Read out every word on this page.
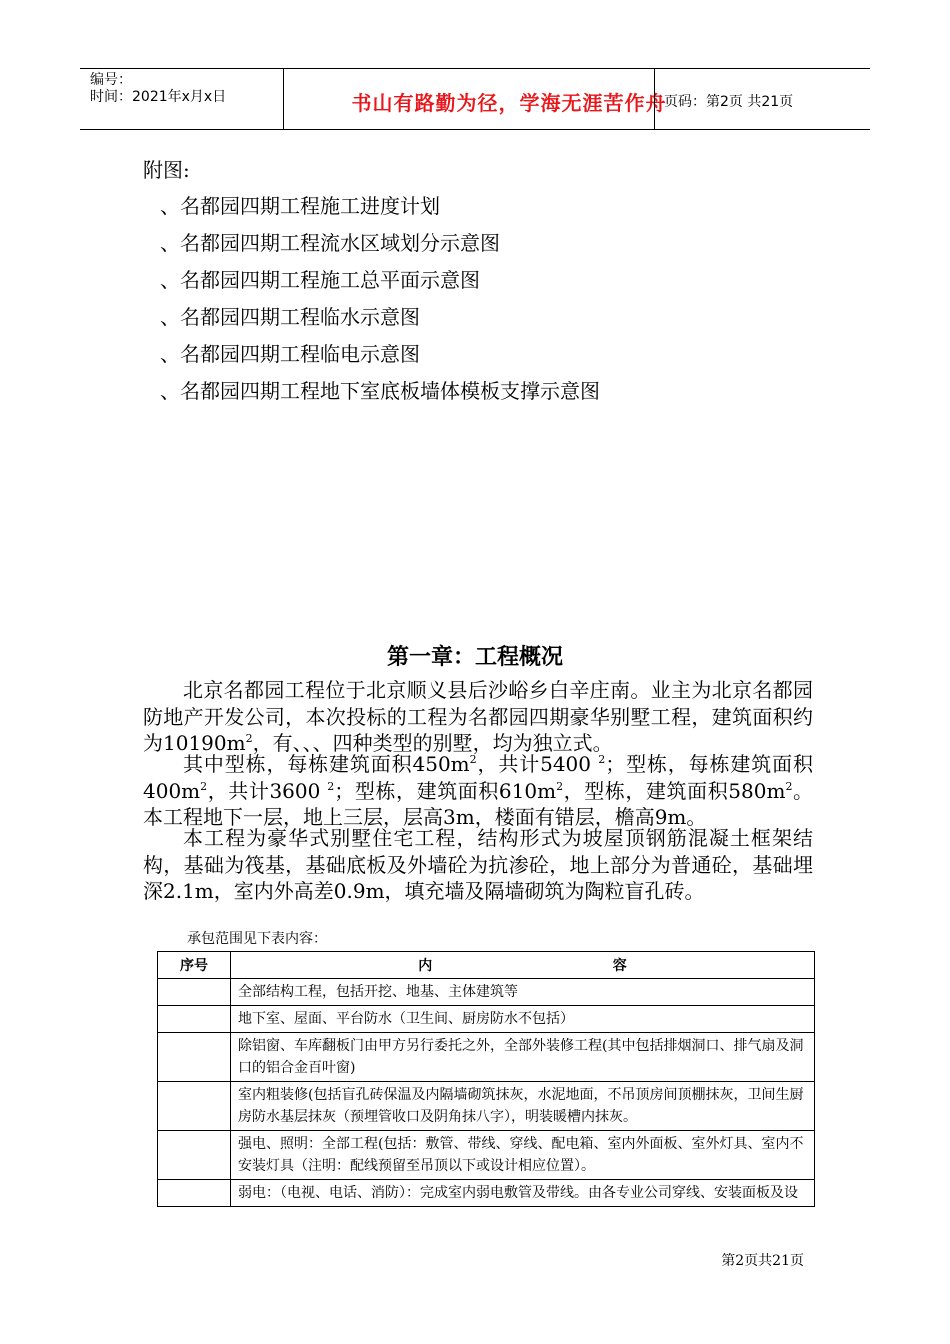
编号：
时间：2021年x月x日	书山有路勤为径，学海无涯苦作舟
页码：第2页 共21页
附图:
、名都园四期工程施工进度计划
、名都园四期工程流水区域划分示意图
、名都园四期工程施工总平面示意图
、名都园四期工程临水示意图
、名都园四期工程临电示意图
、名都园四期工程地下室底板墙体模板支撑示意图
第一章：工程概况

北京名都园工程位于北京顺义县后沙峪乡白辛庄南。业主为北京名都园防地产开发公司，本次投标的工程为名都园四期豪华别墅工程，建筑面积约为$10190m^2$，有、、、四种类型的别墅，均为独立式。

其中型栋，每栋建筑面积$450m^2$，共计5400 $^2$；型栋，每栋建筑面积$400m^2$，共计3600 $^2$；型栋，建筑面积$610m^2$，型栋，建筑面积$580m^2$。本工程地下一层，地上三层，层高3m，楼面有错层，檐高9m。

本工程为豪华式别墅住宅工程，结构形式为坡屋顶钢筋混凝土框架结构，基础为筏基，基础底板及外墙砼为抗渗砼，地上部分为普通砼，基础埋深2.1m，室内外高差0.9m，填充墙及隔墙砌筑为陶粒盲孔砖。

承包范围见下表内容：
序号	内 容

	全部结构工程，包括开挖、地基、主体建筑等
	地下室、屋面、平台防水（卫生间、厨房防水不包括）
	除铝窗、车库翻板门由甲方另行委托之外，全部外装修工程(其中包括排烟洞口、排气扇及洞口的铝合金百叶窗)
	室内粗装修(包括盲孔砖保温及内隔墙砌筑抹灰，水泥地面，不吊顶房间顶棚抹灰，卫间生厨房防水基层抹灰（预埋管收口及阴角抹八字），明装暖槽内抹灰。
	强电、照明：全部工程(包括：敷管、带线、穿线、配电箱、室内外面板、室外灯具、室内不安装灯具（注明：配线预留至吊顶以下或设计相应位置）。
	弱电：（电视、电话、消防）：完成室内弱电敷管及带线。由各专业公司穿线、安装面板及设
第2页共21页
